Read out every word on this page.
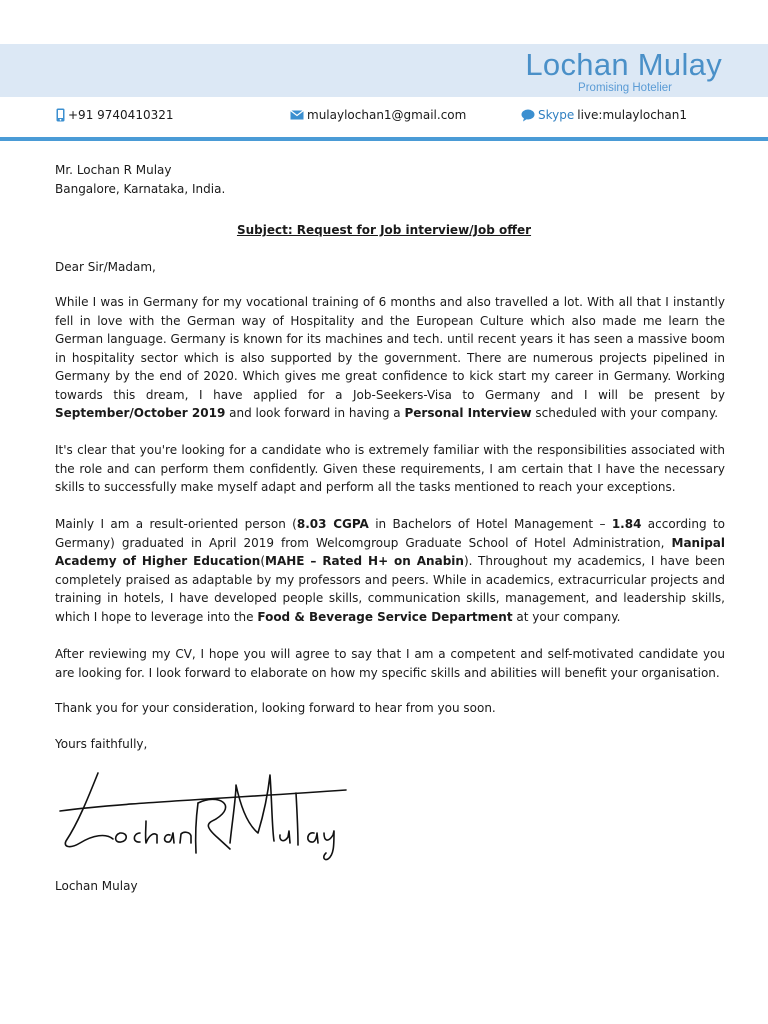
Lochan Mulay
Promising Hotelier
+91 9740410321	mulaylochan1@gmail.com	Skype live:mulaylochan1
Mr. Lochan R Mulay
Bangalore, Karnataka, India.
Subject: Request for Job interview/Job offer
Dear Sir/Madam,
While I was in Germany for my vocational training of 6 months and also travelled a lot. With all that I instantly fell in love with the German way of Hospitality and the European Culture which also made me learn the German language. Germany is known for its machines and tech. until recent years it has seen a massive boom in hospitality sector which is also supported by the government. There are numerous projects pipelined in Germany by the end of 2020. Which gives me great confidence to kick start my career in Germany. Working towards this dream, I have applied for a Job-Seekers-Visa to Germany and I will be present by September/October 2019 and look forward in having a Personal Interview scheduled with your company.
It's clear that you're looking for a candidate who is extremely familiar with the responsibilities associated with the role and can perform them confidently. Given these requirements, I am certain that I have the necessary skills to successfully make myself adapt and perform all the tasks mentioned to reach your exceptions.
Mainly I am a result-oriented person (8.03 CGPA in Bachelors of Hotel Management – 1.84 according to Germany) graduated in April 2019 from Welcomgroup Graduate School of Hotel Administration, Manipal Academy of Higher Education(MAHE – Rated H+ on Anabin). Throughout my academics, I have been completely praised as adaptable by my professors and peers. While in academics, extracurricular projects and training in hotels, I have developed people skills, communication skills, management, and leadership skills, which I hope to leverage into the Food & Beverage Service Department at your company.
After reviewing my CV, I hope you will agree to say that I am a competent and self-motivated candidate you are looking for. I look forward to elaborate on how my specific skills and abilities will benefit your organisation.
Thank you for your consideration, looking forward to hear from you soon.
Yours faithfully,
Lochan Mulay
